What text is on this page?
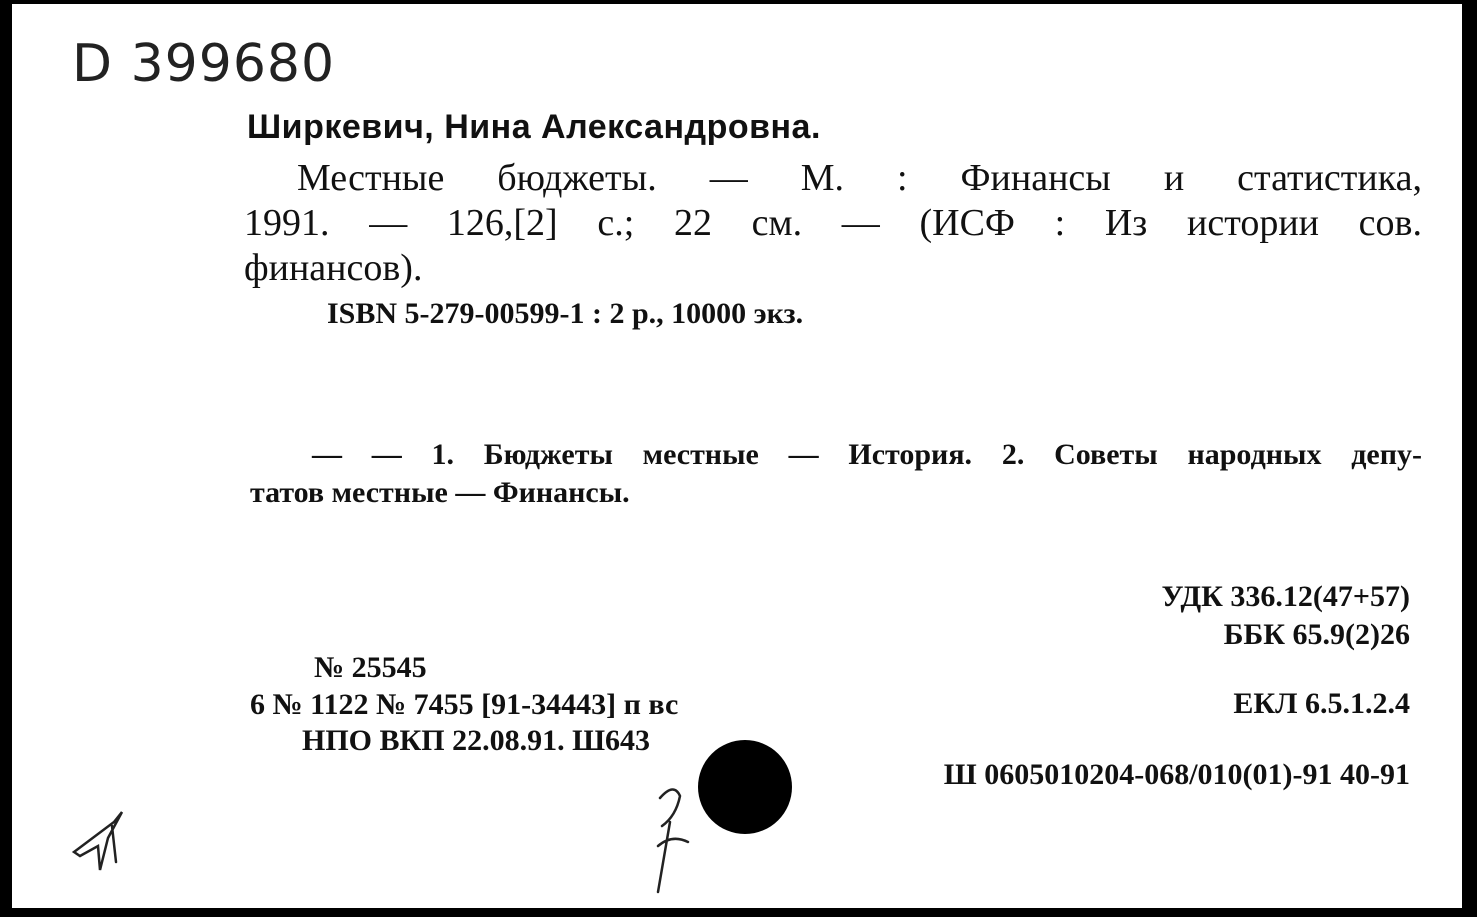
D 399680
Ширкевич, Нина Александровна.
Местные бюджеты. — М. : Финансы и статистика,
1991. — 126,[2] с.; 22 см. — (ИСФ : Из истории сов.
финансов).
ISBN 5-279-00599-1 : 2 р., 10000 экз.
— — 1. Бюджеты местные — История. 2. Советы народных депу-
татов местные — Финансы.
УДК 336.12(47+57)
ББК 65.9(2)26
ЕКЛ 6.5.1.2.4
Ш 0605010204-068/010(01)-91 40-91
№ 25545
6 № 1122 № 7455 [91-34443] п вс
НПО ВКП 22.08.91. Ш643
